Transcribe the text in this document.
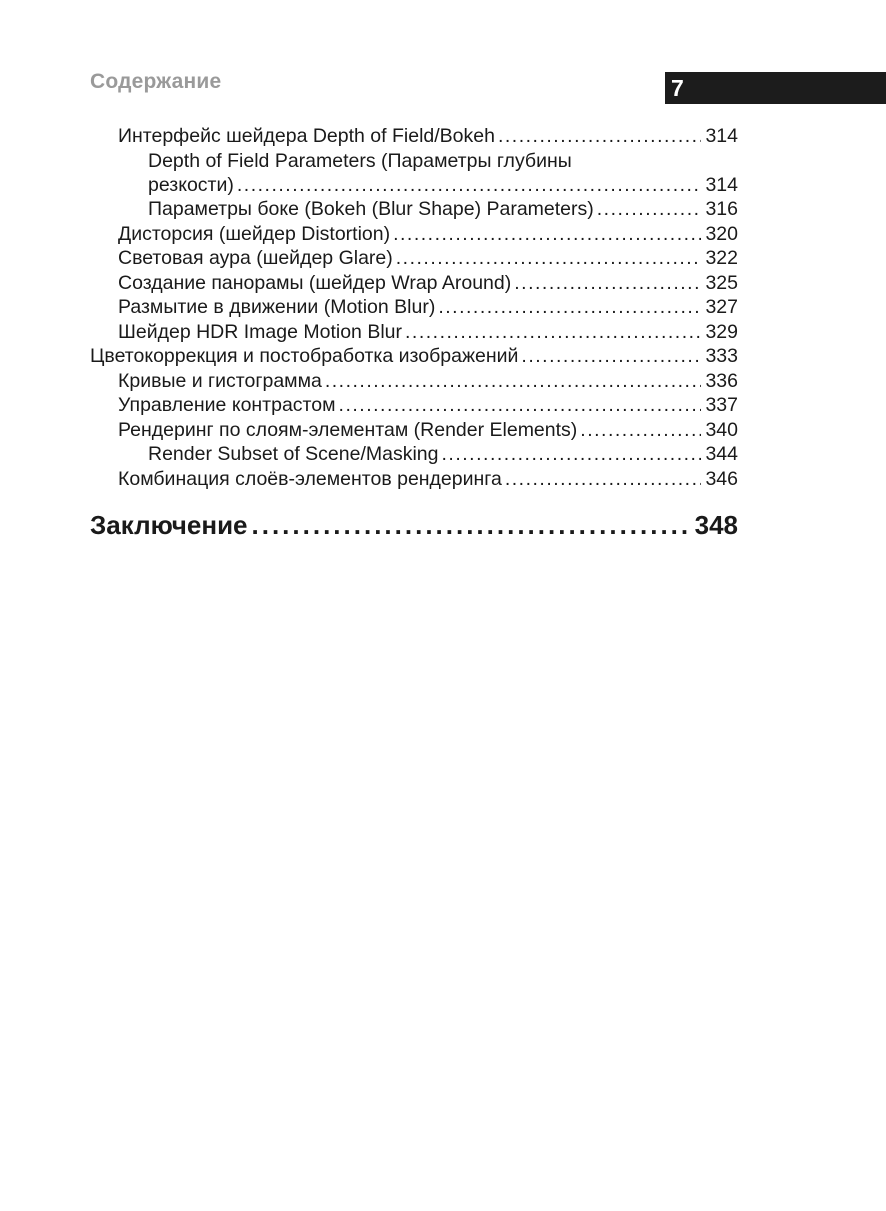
Содержание	7
Интерфейс шейдера Depth of Field/Bokeh .....	314
Depth of Field Parameters (Параметры глубины
резкости) .....	314
Параметры боке (Bokeh (Blur Shape) Parameters) .....	316
Дисторсия (шейдер Distortion) .....	320
Световая аура (шейдер Glare) .....	322
Создание панорамы (шейдер Wrap Around) .....	325
Размытие в движении (Motion Blur) .....	327
Шейдер HDR Image Motion Blur .....	329
Цветокоррекция и постобработка изображений .....	333
Кривые и гистограмма .....	336
Управление контрастом .....	337
Рендеринг по слоям-элементам (Render Elements) .....	340
Render Subset of Scene/Masking .....	344
Комбинация слоёв-элементов рендеринга .....	346
Заключение .....	348
